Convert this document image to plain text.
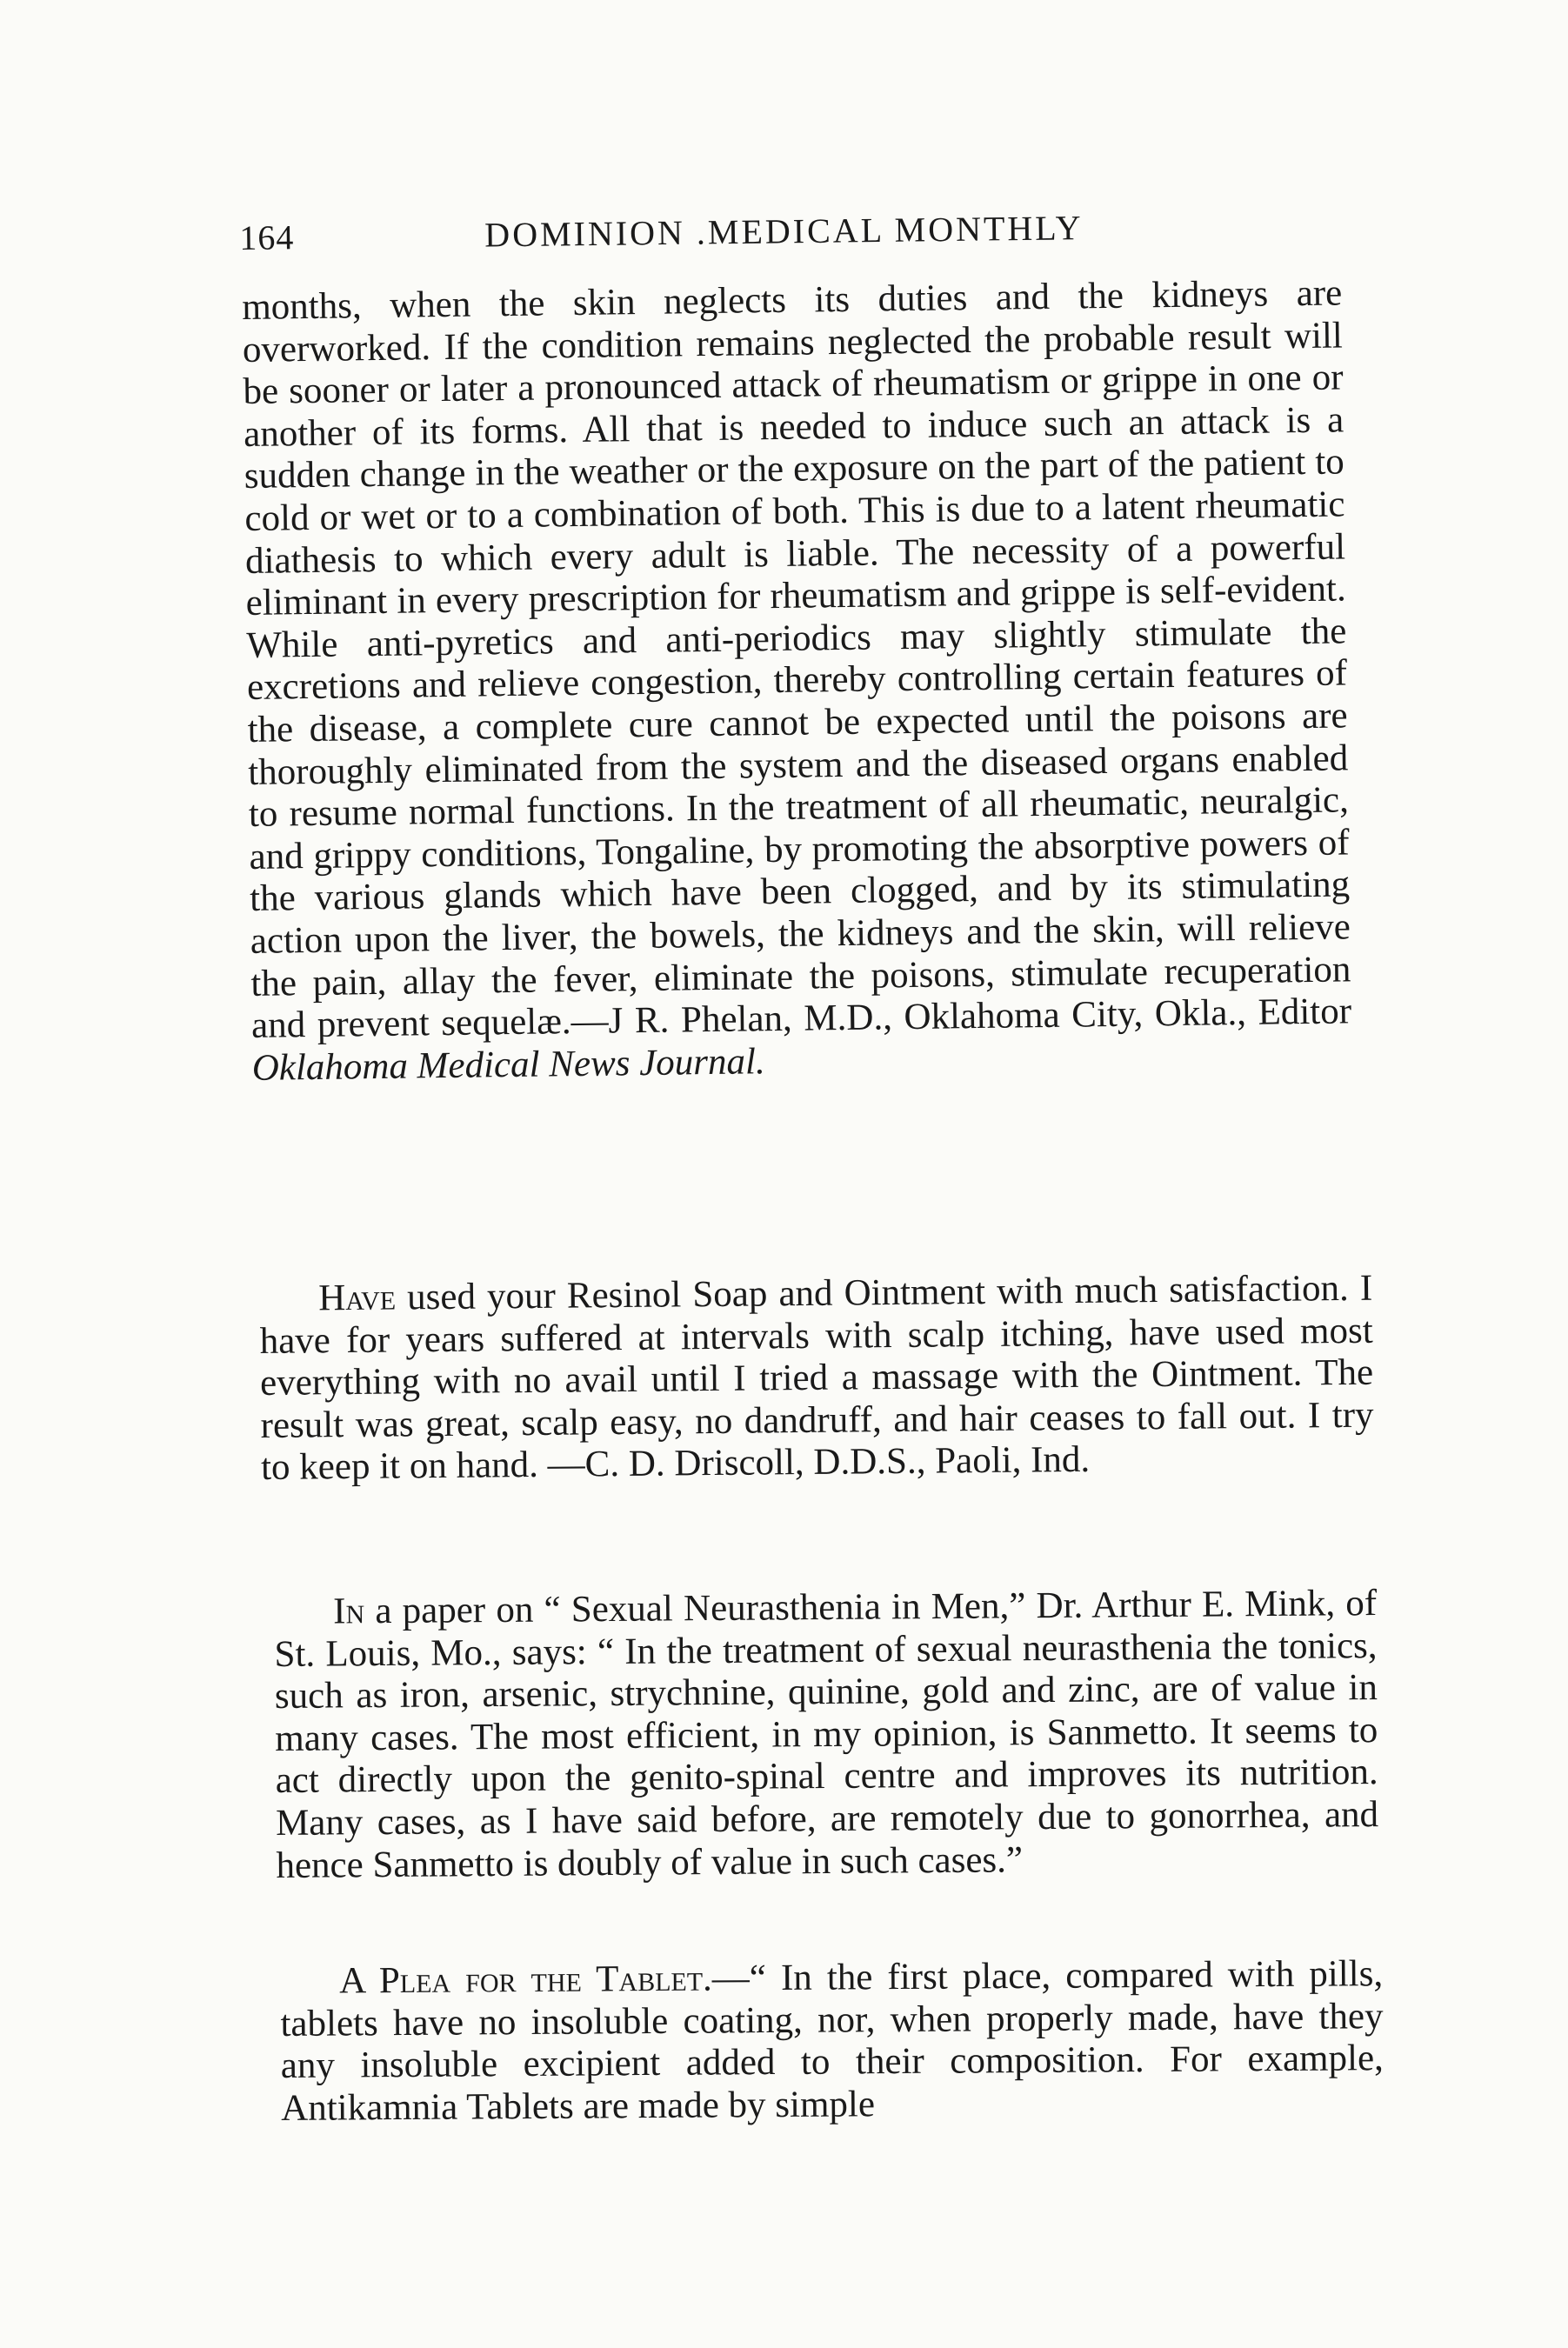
164	DOMINION .MEDICAL MONTHLY

months, when the skin neglects its duties and the kidneys are overworked. If the condition remains neglected the probable result will be sooner or later a pronounced attack of rheumatism or grippe in one or another of its forms. All that is needed to induce such an attack is a sudden change in the weather or the exposure on the part of the patient to cold or wet or to a combination of both. This is due to a latent rheumatic diathesis to which every adult is liable. The necessity of a powerful eliminant in every prescription for rheumatism and grippe is self-evident. While anti-pyretics and anti-periodics may slightly stimulate the excretions and relieve congestion, thereby controlling certain features of the disease, a complete cure cannot be expected until the poisons are thoroughly eliminated from the system and the diseased organs enabled to resume normal functions. In the treatment of all rheumatic, neuralgic, and grippy conditions, Tongaline, by promoting the absorptive powers of the various glands which have been clogged, and by its stimulating action upon the liver, the bowels, the kidneys and the skin, will relieve the pain, allay the fever, eliminate the poisons, stimulate recuperation and prevent sequelæ.—J R. Phelan, M.D., Oklahoma City, Okla., Editor Oklahoma Medical News Journal.

Have used your Resinol Soap and Ointment with much satisfaction. I have for years suffered at intervals with scalp itching, have used most everything with no avail until I tried a massage with the Ointment. The result was great, scalp easy, no dandruff, and hair ceases to fall out. I try to keep it on hand. —C. D. Driscoll, D.D.S., Paoli, Ind.

In a paper on “ Sexual Neurasthenia in Men,” Dr. Arthur E. Mink, of St. Louis, Mo., says: “ In the treatment of sexual neurasthenia the tonics, such as iron, arsenic, strychnine, quinine, gold and zinc, are of value in many cases. The most efficient, in my opinion, is Sanmetto. It seems to act directly upon the genito-spinal centre and improves its nutrition. Many cases, as I have said before, are remotely due to gonorrhea, and hence Sanmetto is doubly of value in such cases.”

A Plea for the Tablet.—“ In the first place, compared with pills, tablets have no insoluble coating, nor, when properly made, have they any insoluble excipient added to their composition. For example, Antikamnia Tablets are made by simple
